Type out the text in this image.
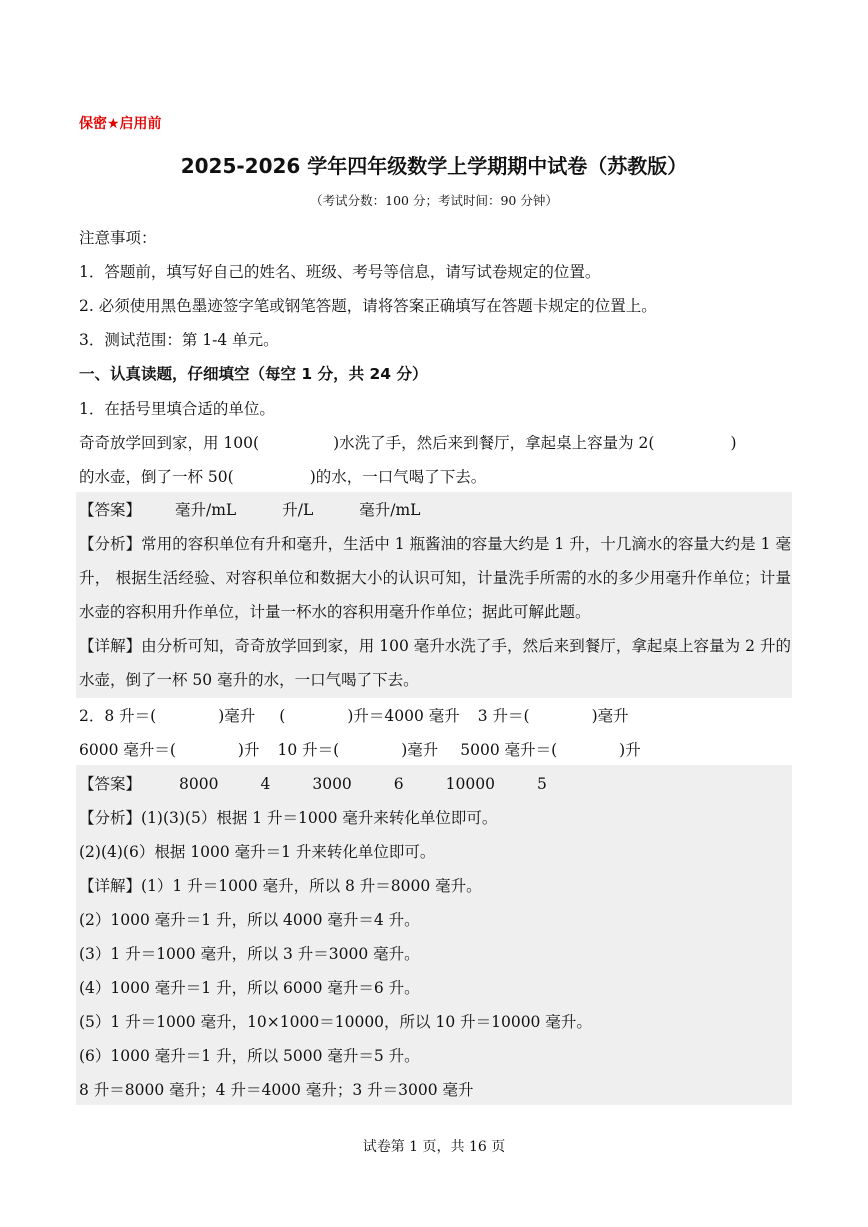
保密★启用前
2025-2026 学年四年级数学上学期期中试卷（苏教版）
（考试分数：100 分；考试时间：90 分钟）
注意事项：
1．答题前，填写好自己的姓名、班级、考号等信息，请写试卷规定的位置。
2. 必须使用黑色墨迹签字笔或钢笔答题，请将答案正确填写在答题卡规定的位置上。
3．测试范围：第 1-4 单元。
一、认真读题，仔细填空（每空 1 分，共 24 分）
1．在括号里填合适的单位。
奇奇放学回到家，用 100(	)水洗了手，然后来到餐厅，拿起桌上容量为 2(	)
的水壶，倒了一杯 50(	)的水，一口气喝了下去。
【答案】 毫升/mL	升/L	毫升/mL
【分析】常用的容积单位有升和毫升，生活中 1 瓶酱油的容量大约是 1 升，十几滴水的容量大约是 1 毫升， 根据生活经验、对容积单位和数据大小的认识可知，计量洗手所需的水的多少用毫升作单位；计量水壶的容积用升作单位，计量一杯水的容积用毫升作单位；据此可解此题。
【详解】由分析可知，奇奇放学回到家，用 100 毫升水洗了手，然后来到餐厅，拿起桌上容量为 2 升的水壶，倒了一杯 50 毫升的水，一口气喝了下去。
2．8 升＝(	)毫升 (	)升＝4000 毫升 3 升＝(	)毫升
6000 毫升＝(	)升 10 升＝(	)毫升 5000 毫升＝(	)升
【答案】 8000	4	3000	6	10000	5
【分析】(1)(3)(5）根据 1 升＝1000 毫升来转化单位即可。
(2)(4)(6）根据 1000 毫升＝1 升来转化单位即可。
【详解】(1）1 升＝1000 毫升，所以 8 升＝8000 毫升。
(2）1000 毫升＝1 升，所以 4000 毫升＝4 升。
(3）1 升＝1000 毫升，所以 3 升＝3000 毫升。
(4）1000 毫升＝1 升，所以 6000 毫升＝6 升。
(5）1 升＝1000 毫升，10×1000＝10000，所以 10 升＝10000 毫升。
(6）1000 毫升＝1 升，所以 5000 毫升＝5 升。
8 升＝8000 毫升；4 升＝4000 毫升；3 升＝3000 毫升
试卷第 1 页，共 16 页
